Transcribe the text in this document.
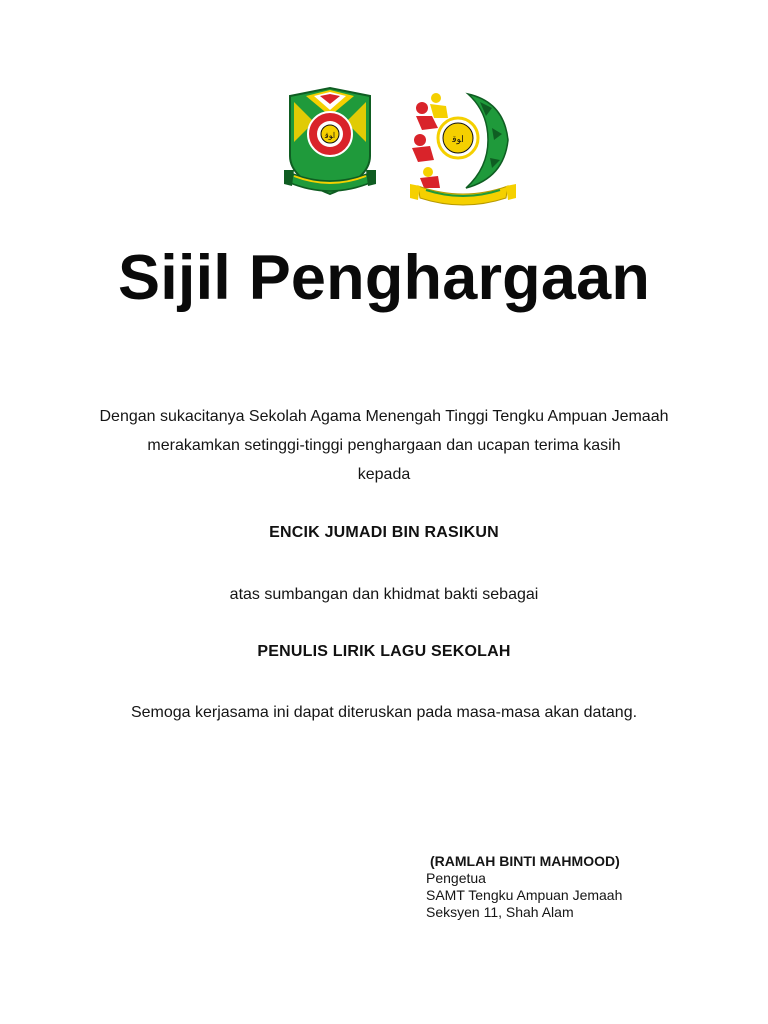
ﺍﻮﻗ	ﺍﻮﻗ
Sijil Penghargaan
Dengan sukacitanya Sekolah Agama Menengah Tinggi Tengku Ampuan Jemaah
merakamkan setinggi-tinggi penghargaan dan ucapan terima kasih
kepada
ENCIK JUMADI BIN RASIKUN
atas sumbangan dan khidmat bakti sebagai
PENULIS LIRIK LAGU SEKOLAH
Semoga kerjasama ini dapat diteruskan pada masa-masa akan datang.
(RAMLAH BINTI MAHMOOD)
Pengetua
SAMT Tengku Ampuan Jemaah
Seksyen 11, Shah Alam
